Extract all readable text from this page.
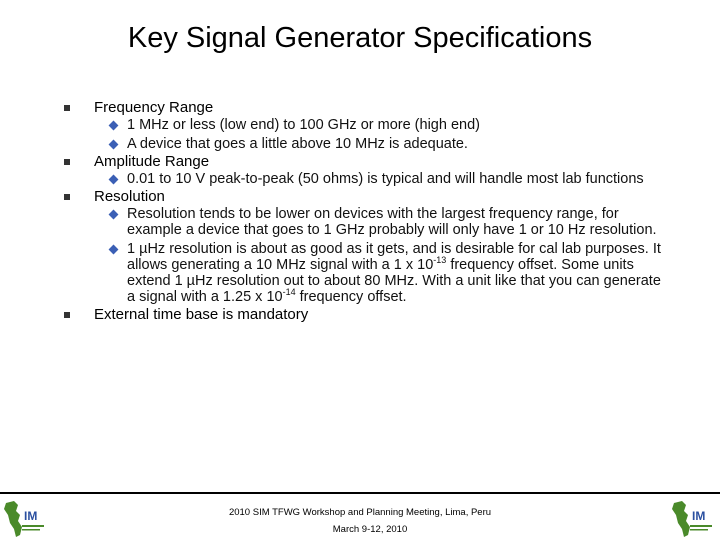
Key Signal Generator Specifications
Frequency Range
1 MHz or less (low end) to 100 GHz or more (high end)
A device that goes a little above 10 MHz is adequate.
Amplitude Range
0.01 to 10 V peak-to-peak (50 ohms) is typical and will handle most lab functions
Resolution
Resolution tends to be lower on devices with the largest frequency range, for example a device that goes to 1 GHz probably will only have 1 or 10 Hz resolution.
1 µHz resolution is about as good as it gets, and is desirable for cal lab purposes. It allows generating a 10 MHz signal with a 1 x $10^{-13}$ frequency offset. Some units extend 1 µHz resolution out to about 80 MHz. With a unit like that you can generate a signal with a 1.25 x $10^{-14}$ frequency offset.
External time base is mandatory
IM	2010 SIM TFWG Workshop and Planning Meeting, Lima, Peru
March 9-12, 2010
IM
